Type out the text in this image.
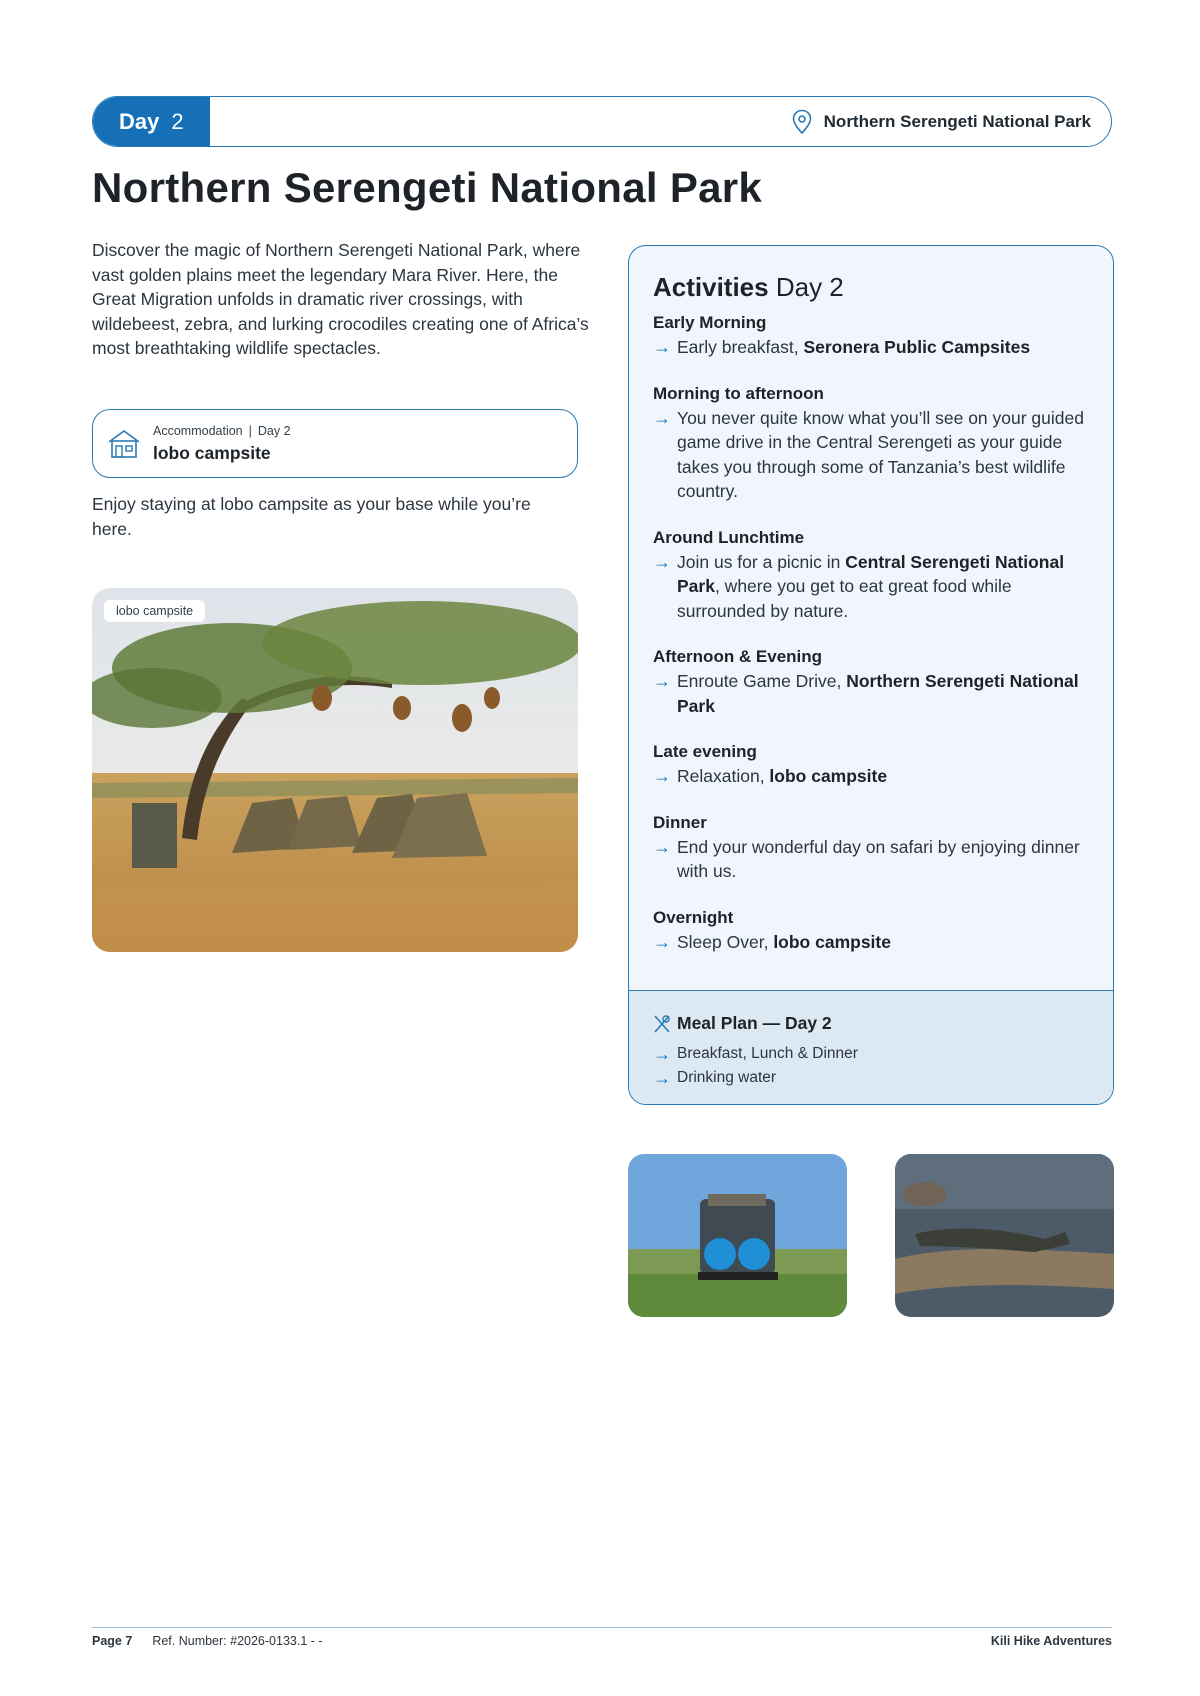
Day 2	Northern Serengeti National Park
Northern Serengeti National Park

Discover the magic of Northern Serengeti National Park, where vast golden plains meet the legendary Mara River. Here, the Great Migration unfolds in dramatic river crossings, with wildebeest, zebra, and lurking crocodiles creating one of Africa’s most breathtaking wildlife spectacles.

Accommodation | Day 2
lobo campsite

Enjoy staying at lobo campsite as your base while you’re here.

lobo campsite
Activities Day 2
Early Morning
→ Early breakfast, Seronera Public Campsites
Morning to afternoon
→ You never quite know what you’ll see on your guided game drive in the Central Serengeti as your guide takes you through some of Tanzania’s best wildlife country.
Around Lunchtime
→ Join us for a picnic in Central Serengeti National Park, where you get to eat great food while surrounded by nature.
Afternoon & Evening
→ Enroute Game Drive, Northern Serengeti National Park
Late evening
→ Relaxation, lobo campsite
Dinner
→ End your wonderful day on safari by enjoying dinner with us.
Overnight
→ Sleep Over, lobo campsite
Meal Plan — Day 2
→ Breakfast, Lunch & Dinner
→ Drinking water
Page 7 Ref. Number: #2026-0133.1 - -	Kili Hike Adventures
